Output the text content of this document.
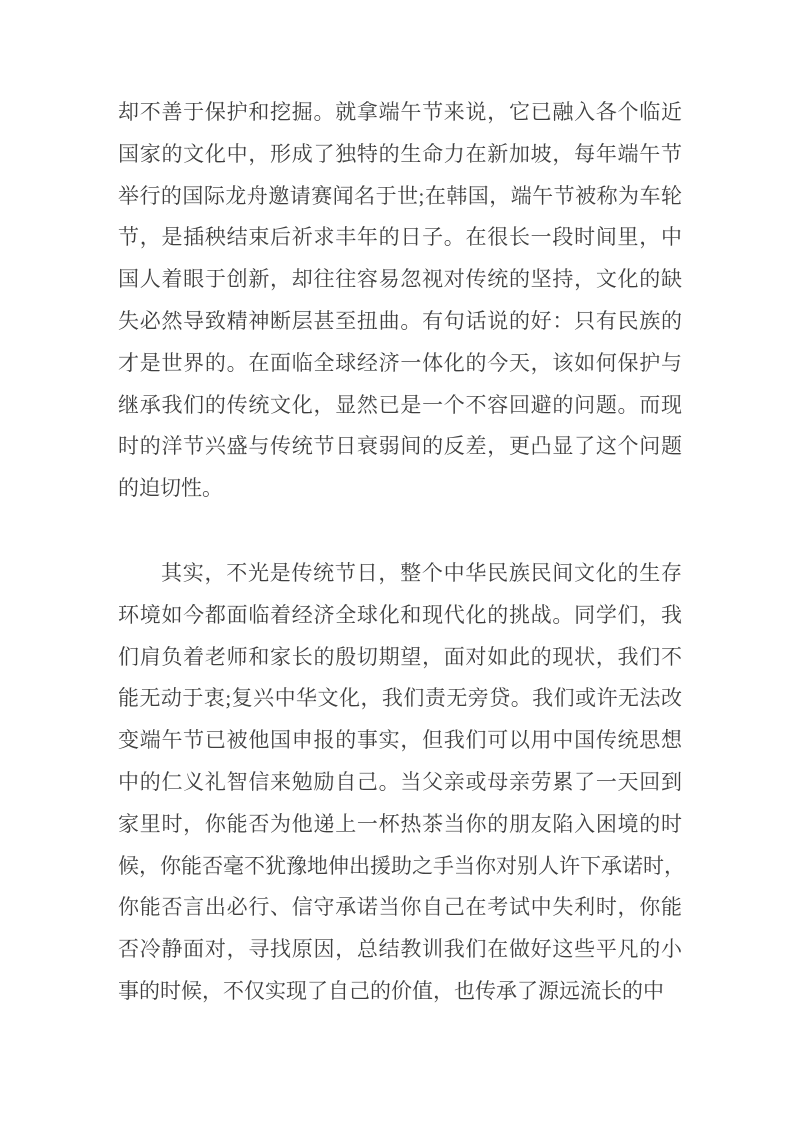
却不善于保护和挖掘。就拿端午节来说，它已融入各个临近
国家的文化中，形成了独特的生命力在新加坡，每年端午节
举行的国际龙舟邀请赛闻名于世;在韩国，端午节被称为车轮
节，是插秧结束后祈求丰年的日子。在很长一段时间里，中
国人着眼于创新，却往往容易忽视对传统的坚持，文化的缺
失必然导致精神断层甚至扭曲。有句话说的好：只有民族的
才是世界的。在面临全球经济一体化的今天，该如何保护与
继承我们的传统文化，显然已是一个不容回避的问题。而现
时的洋节兴盛与传统节日衰弱间的反差，更凸显了这个问题
的迫切性。
其实，不光是传统节日，整个中华民族民间文化的生存
环境如今都面临着经济全球化和现代化的挑战。同学们，我
们肩负着老师和家长的殷切期望，面对如此的现状，我们不
能无动于衷;复兴中华文化，我们责无旁贷。我们或许无法改
变端午节已被他国申报的事实，但我们可以用中国传统思想
中的仁义礼智信来勉励自己。当父亲或母亲劳累了一天回到
家里时，你能否为他递上一杯热茶当你的朋友陷入困境的时
候，你能否毫不犹豫地伸出援助之手当你对别人许下承诺时，
你能否言出必行、信守承诺当你自己在考试中失利时，你能
否冷静面对，寻找原因，总结教训我们在做好这些平凡的小
事的时候，不仅实现了自己的价值，也传承了源远流长的中
